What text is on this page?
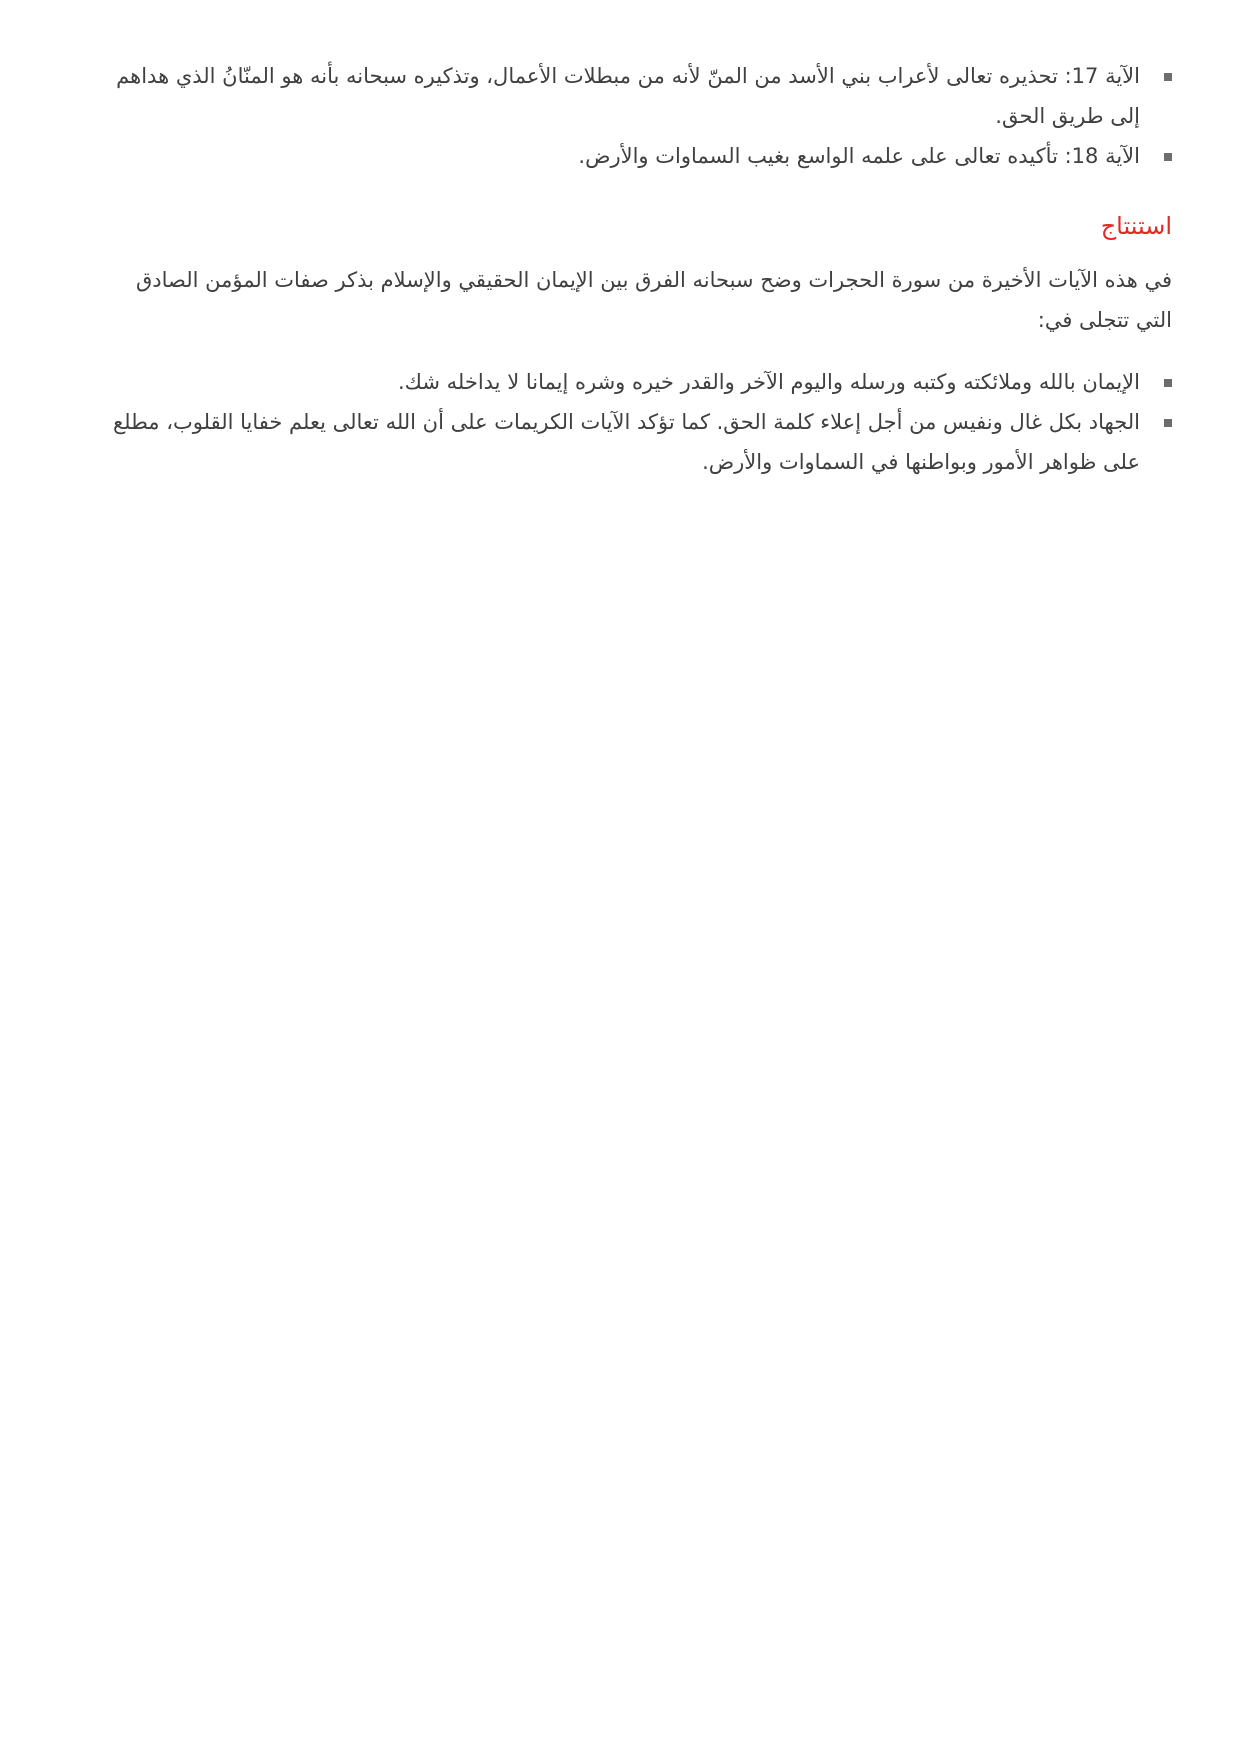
الآية 17: تحذيره تعالى لأعراب بني الأسد من المنّ لأنه من مبطلات الأعمال، وتذكيره سبحانه بأنه هو المنّانُ الذي هداهم إلى طريق الحق.
الآية 18: تأكيده تعالى على علمه الواسع بغيب السماوات والأرض.
استنتاج

في هذه الآيات الأخيرة من سورة الحجرات وضح سبحانه الفرق بين الإيمان الحقيقي والإسلام بذكر صفات المؤمن الصادق التي تتجلى في:

الإيمان بالله وملائكته وكتبه ورسله واليوم الآخر والقدر خيره وشره إيمانا لا يداخله شك.
الجهاد بكل غال ونفيس من أجل إعلاء كلمة الحق. كما تؤكد الآيات الكريمات على أن الله تعالى يعلم خفايا القلوب، مطلع على ظواهر الأمور وبواطنها في السماوات والأرض.
